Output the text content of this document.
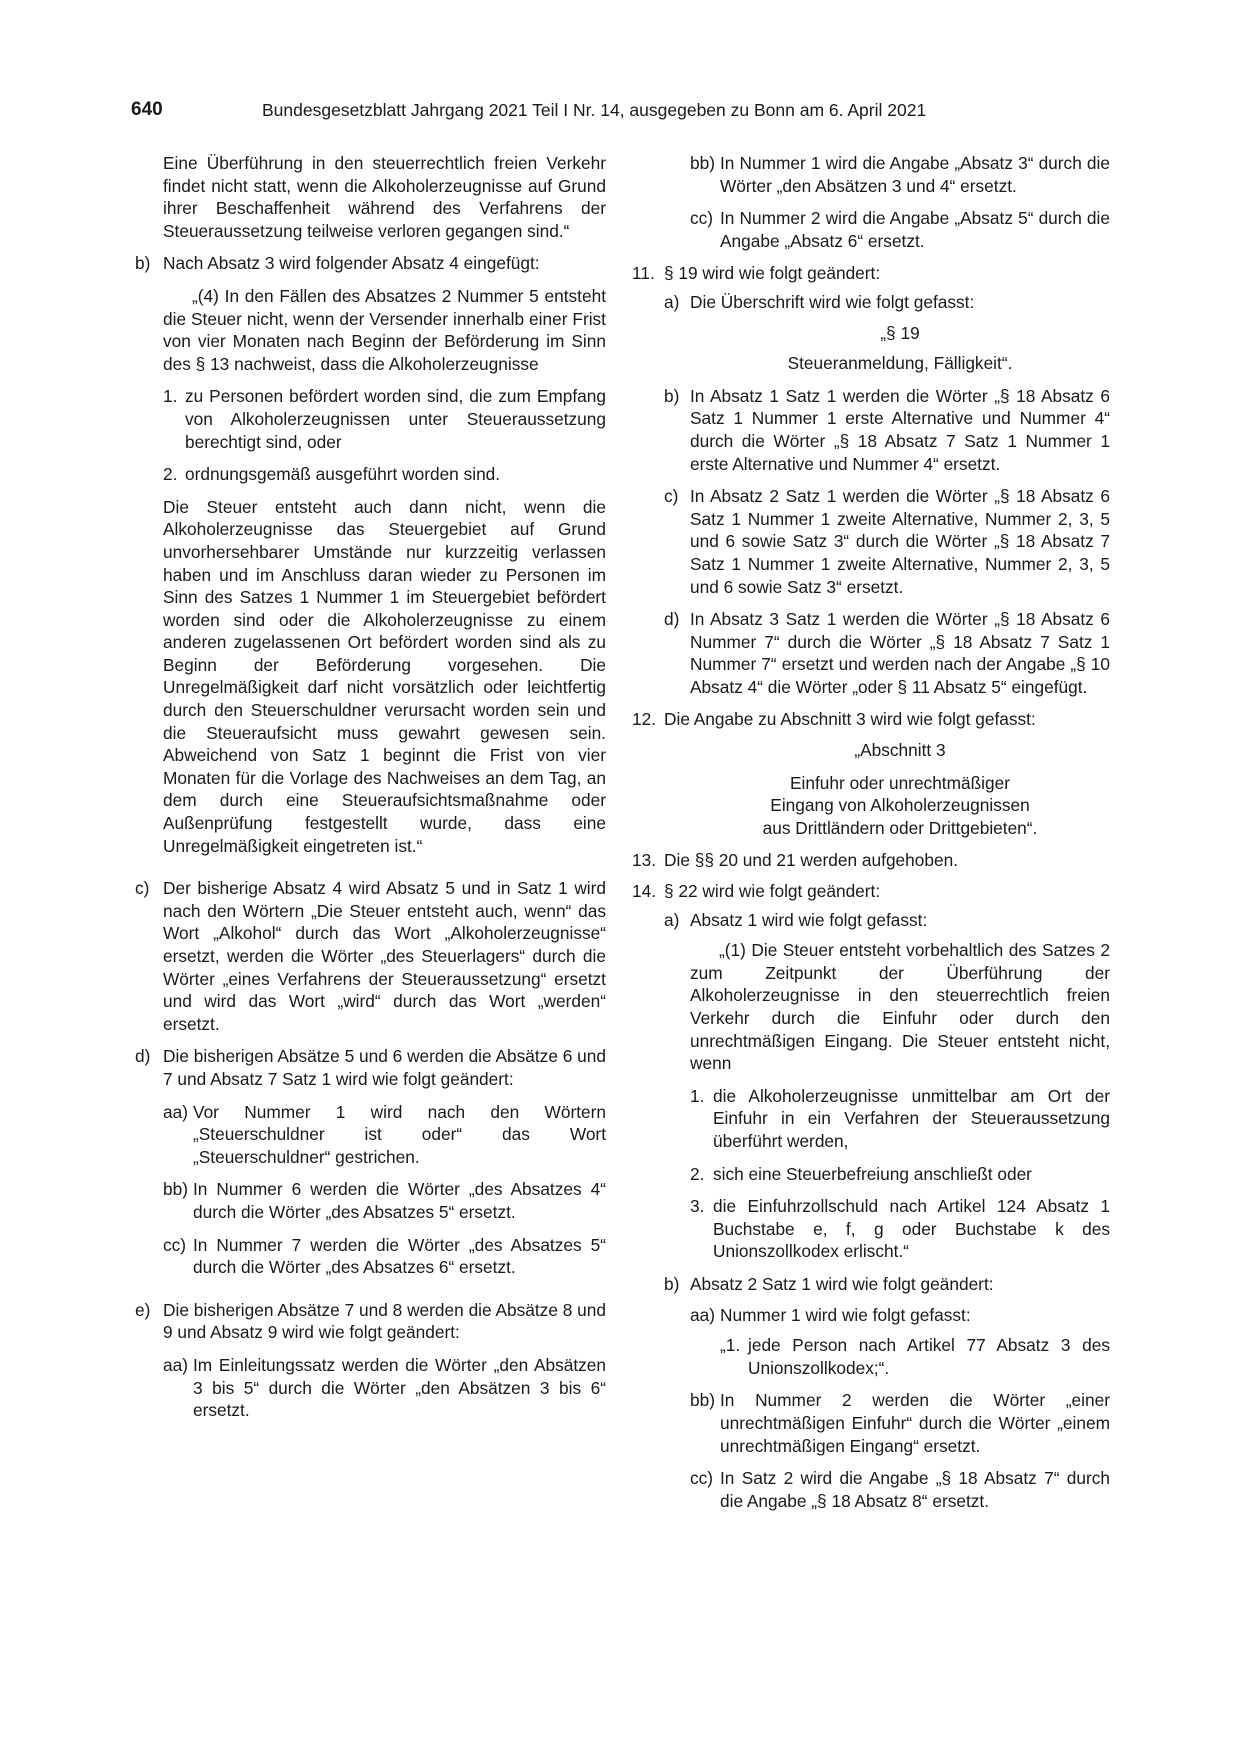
640	Bundesgesetzblatt Jahrgang 2021 Teil I Nr. 14, ausgegeben zu Bonn am 6. April 2021

Eine Überführung in den steuerrechtlich freien Verkehr findet nicht statt, wenn die Alkoholerzeugnisse auf Grund ihrer Beschaffenheit während des Verfahrens der Steueraussetzung teilweise verloren gegangen sind.“

b) Nach Absatz 3 wird folgender Absatz 4 eingefügt:

„(4) In den Fällen des Absatzes 2 Nummer 5 entsteht die Steuer nicht, wenn der Versender innerhalb einer Frist von vier Monaten nach Beginn der Beförderung im Sinn des § 13 nachweist, dass die Alkoholerzeugnisse

1. zu Personen befördert worden sind, die zum Empfang von Alkoholerzeugnissen unter Steueraussetzung berechtigt sind, oder
2. ordnungsgemäß ausgeführt worden sind.

Die Steuer entsteht auch dann nicht, wenn die Alkoholerzeugnisse das Steuergebiet auf Grund unvorhersehbarer Umstände nur kurzzeitig verlassen haben und im Anschluss daran wieder zu Personen im Sinn des Satzes 1 Nummer 1 im Steuergebiet befördert worden sind oder die Alkoholerzeugnisse zu einem anderen zugelassenen Ort befördert worden sind als zu Beginn der Beförderung vorgesehen. Die Unregelmäßigkeit darf nicht vorsätzlich oder leichtfertig durch den Steuerschuldner verursacht worden sein und die Steueraufsicht muss gewahrt gewesen sein. Abweichend von Satz 1 beginnt die Frist von vier Monaten für die Vorlage des Nachweises an dem Tag, an dem durch eine Steueraufsichtsmaßnahme oder Außenprüfung festgestellt wurde, dass eine Unregelmäßigkeit eingetreten ist.“

c) Der bisherige Absatz 4 wird Absatz 5 und in Satz 1 wird nach den Wörtern „Die Steuer entsteht auch, wenn“ das Wort „Alkohol“ durch das Wort „Alkoholerzeugnisse“ ersetzt, werden die Wörter „des Steuerlagers“ durch die Wörter „eines Verfahrens der Steueraussetzung“ ersetzt und wird das Wort „wird“ durch das Wort „werden“ ersetzt.
d) Die bisherigen Absätze 5 und 6 werden die Absätze 6 und 7 und Absatz 7 Satz 1 wird wie folgt geändert:

aa) Vor Nummer 1 wird nach den Wörtern „Steuerschuldner ist oder“ das Wort „Steuerschuldner“ gestrichen.
bb) In Nummer 6 werden die Wörter „des Absatzes 4“ durch die Wörter „des Absatzes 5“ ersetzt.
cc) In Nummer 7 werden die Wörter „des Absatzes 5“ durch die Wörter „des Absatzes 6“ ersetzt.
e) Die bisherigen Absätze 7 und 8 werden die Absätze 8 und 9 und Absatz 9 wird wie folgt geändert:

aa) Im Einleitungssatz werden die Wörter „den Absätzen 3 bis 5“ durch die Wörter „den Absätzen 3 bis 6“ ersetzt.
bb) In Nummer 1 wird die Angabe „Absatz 3“ durch die Wörter „den Absätzen 3 und 4“ ersetzt.
cc) In Nummer 2 wird die Angabe „Absatz 5“ durch die Angabe „Absatz 6“ ersetzt.
11. § 19 wird wie folgt geändert:
a) Die Überschrift wird wie folgt gefasst:

„§ 19

Steueranmeldung, Fälligkeit“.

b) In Absatz 1 Satz 1 werden die Wörter „§ 18 Absatz 6 Satz 1 Nummer 1 erste Alternative und Nummer 4“ durch die Wörter „§ 18 Absatz 7 Satz 1 Nummer 1 erste Alternative und Nummer 4“ ersetzt.
c) In Absatz 2 Satz 1 werden die Wörter „§ 18 Absatz 6 Satz 1 Nummer 1 zweite Alternative, Nummer 2, 3, 5 und 6 sowie Satz 3“ durch die Wörter „§ 18 Absatz 7 Satz 1 Nummer 1 zweite Alternative, Nummer 2, 3, 5 und 6 sowie Satz 3“ ersetzt.
d) In Absatz 3 Satz 1 werden die Wörter „§ 18 Absatz 6 Nummer 7“ durch die Wörter „§ 18 Absatz 7 Satz 1 Nummer 7“ ersetzt und werden nach der Angabe „§ 10 Absatz 4“ die Wörter „oder § 11 Absatz 5“ eingefügt.
12. Die Angabe zu Abschnitt 3 wird wie folgt gefasst:

„Abschnitt 3

Einfuhr oder unrechtmäßiger

Eingang von Alkoholerzeugnissen

aus Drittländern oder Drittgebieten“.

13. Die §§ 20 und 21 werden aufgehoben.
14. § 22 wird wie folgt geändert:
a) Absatz 1 wird wie folgt gefasst:

„(1) Die Steuer entsteht vorbehaltlich des Satzes 2 zum Zeitpunkt der Überführung der Alkoholerzeugnisse in den steuerrechtlich freien Verkehr durch die Einfuhr oder durch den unrechtmäßigen Eingang. Die Steuer entsteht nicht, wenn

1. die Alkoholerzeugnisse unmittelbar am Ort der Einfuhr in ein Verfahren der Steueraussetzung überführt werden,
2. sich eine Steuerbefreiung anschließt oder
3. die Einfuhrzollschuld nach Artikel 124 Absatz 1 Buchstabe e, f, g oder Buchstabe k des Unionszollkodex erlischt.“
b) Absatz 2 Satz 1 wird wie folgt geändert:
aa) Nummer 1 wird wie folgt gefasst:
„1. jede Person nach Artikel 77 Absatz 3 des Unionszollkodex;“.
bb) In Nummer 2 werden die Wörter „einer unrechtmäßigen Einfuhr“ durch die Wörter „einem unrechtmäßigen Eingang“ ersetzt.
cc) In Satz 2 wird die Angabe „§ 18 Absatz 7“ durch die Angabe „§ 18 Absatz 8“ ersetzt.
